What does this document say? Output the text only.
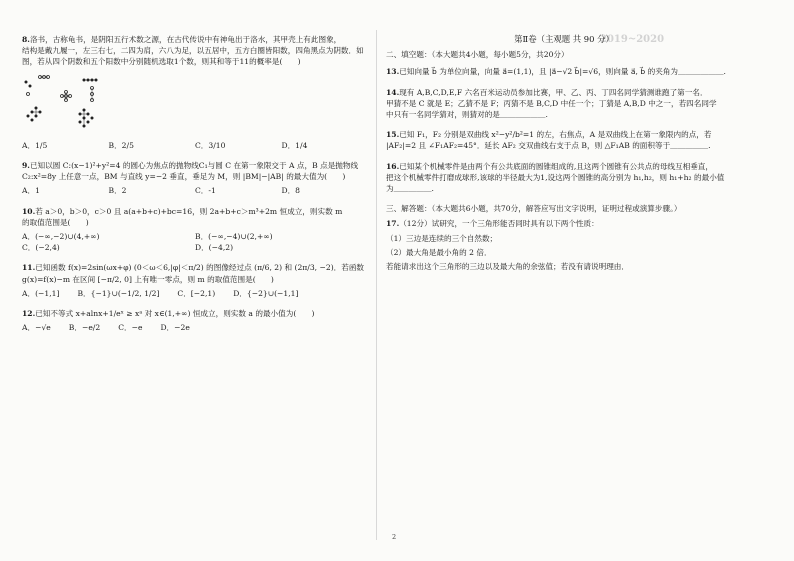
2019~2020

8.洛书，古称龟书，是阴阳五行术数之源，在古代传说中有神龟出于洛水，其甲壳上有此图象，

结构是戴九履一，左三右七，二四为肩，六八为足，以五居中，五方白圈皆阳数，四角黑点为阴数．如

图，若从四个阴数和五个阳数中分别随机选取1个数，则其和等于11的概率是(　　)

A．1/5	B．2/5	C．3/10	D．1/4

9.已知以圆 C:(x−1)²+y²=4 的圆心为焦点的抛物线C₁与圆 C 在第一象限交于 A 点，B 点是抛物线

C₂:x²=8y 上任意一点，BM 与直线 y=−2 垂直，垂足为 M，则 |BM|−|AB| 的最大值为(　　)

A．1	B．2	C．-1	D．8

10.若 a＞0，b＞0，c＞0 且 a(a+b+c)+bc=16，则 2a+b+c＞m³+2m 恒成立，则实数 m

的取值范围是(　　)

A．(−∞,−2)∪(4,+∞)	B．(−∞,−4)∪(2,+∞)
C．(−2,4)	D．(−4,2)

11.已知函数 f(x)=2sin(ωx+φ) (0＜ω＜6,|φ|＜π/2) 的图像经过点 (π/6, 2) 和 (2π/3, −2)．若函数

g(x)=f(x)−m 在区间 [−π/2, 0] 上有唯一零点，则 m 的取值范围是(　　)

A．(−1,1] B．{−1}∪(−1/2, 1/2] C．[−2,1) D．{−2}∪(−1,1]

12.已知不等式 x+alnx+1/eˣ ≥ xᵃ 对 x∈(1,+∞) 恒成立，则实数 a 的最小值为(　　)

A．−√e B．−e/2 C．−e D．−2e

第Ⅱ卷（主观题 共 90 分）

二、填空题：（本大题共4小题，每小题5分，共20分）

13.已知向量 b⃗ 为单位向量，向量 a⃗=(1,1)，且 |a⃗−√2 b⃗|=√6，则向量 a⃗, b⃗ 的夹角为＿＿＿＿＿＿.

14.现有 A,B,C,D,E,F 六名百米运动员参加比赛，甲、乙、丙、丁四名同学猜测谁跑了第一名．

甲猜不是 C 就是 E；乙猜不是 F；丙猜不是 B,C,D 中任一个；丁猜是 A,B,D 中之一，若四名同学

中只有一名同学猜对，则猜对的是＿＿＿＿＿＿.

15.已知 F₁，F₂ 分别是双曲线 x²−y²/b²=1 的左，右焦点，A 是双曲线上在第一象限内的点，若

|AF₂|=2 且 ∠F₁AF₂=45°．延长 AF₂ 交双曲线右支于点 B，则 △F₁AB 的面积等于＿＿＿＿＿.

16.已知某个机械零件是由两个有公共底面的圆锥组成的,且这两个圆锥有公共点的母线互相垂直，

把这个机械零件打磨成球形,该球的半径最大为1,设这两个圆锥的高分别为 h₁,h₂，则 h₁+h₂ 的最小值

为＿＿＿＿＿.

三、解答题：（本大题共6小题，共70分，解答应写出文字说明，证明过程或演算步骤。）

17.（12分）试研究，一个三角形能否同时具有以下两个性质：

（1）三边是连续的三个自然数；

（2）最大角是最小角的 2 倍．

若能请求出这个三角形的三边以及最大角的余弦值；若没有请说明理由．

2
